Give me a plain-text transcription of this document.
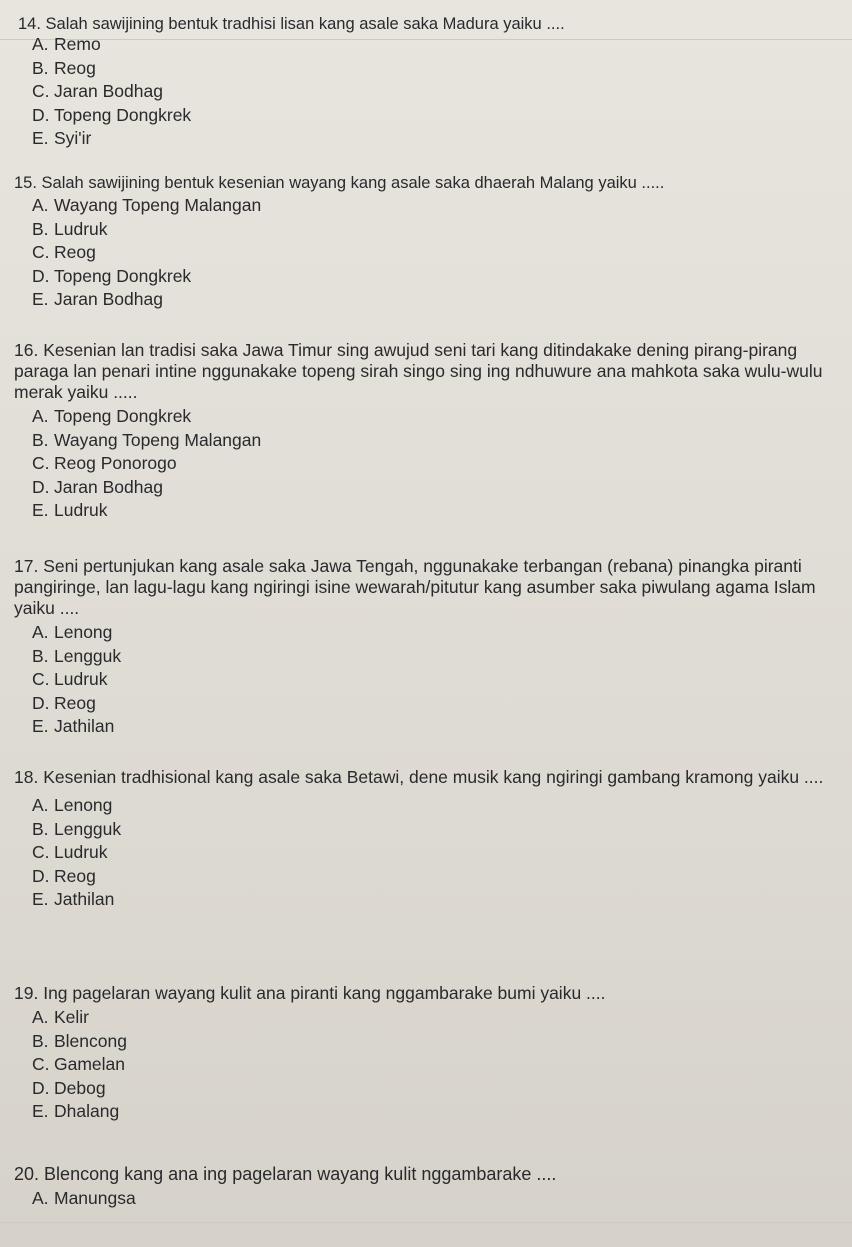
14. Salah sawijining bentuk tradhisi lisan kang asale saka Madura yaiku ....
A. Remo
B. Reog
C. Jaran Bodhag
D. Topeng Dongkrek
E. Syi'ir
15. Salah sawijining bentuk kesenian wayang kang asale saka dhaerah Malang yaiku .....
A. Wayang Topeng Malangan
B. Ludruk
C. Reog
D. Topeng Dongkrek
E. Jaran Bodhag
16. Kesenian lan tradisi saka Jawa Timur sing awujud seni tari kang ditindakake dening pirang-pirang paraga lan penari intine nggunakake topeng sirah singo sing ing ndhuwure ana mahkota saka wulu-wulu merak yaiku .....
A. Topeng Dongkrek
B. Wayang Topeng Malangan
C. Reog Ponorogo
D. Jaran Bodhag
E. Ludruk
17. Seni pertunjukan kang asale saka Jawa Tengah, nggunakake terbangan (rebana) pinangka piranti pangiringe, lan lagu-lagu kang ngiringi isine wewarah/pitutur kang asumber saka piwulang agama Islam yaiku ....
A. Lenong
B. Lengguk
C. Ludruk
D. Reog
E. Jathilan
18. Kesenian tradhisional kang asale saka Betawi, dene musik kang ngiringi gambang kramong yaiku ....
A. Lenong
B. Lengguk
C. Ludruk
D. Reog
E. Jathilan
19. Ing pagelaran wayang kulit ana piranti kang nggambarake bumi yaiku ....
A. Kelir
B. Blencong
C. Gamelan
D. Debog
E. Dhalang
20. Blencong kang ana ing pagelaran wayang kulit nggambarake ....
A. Manungsa
